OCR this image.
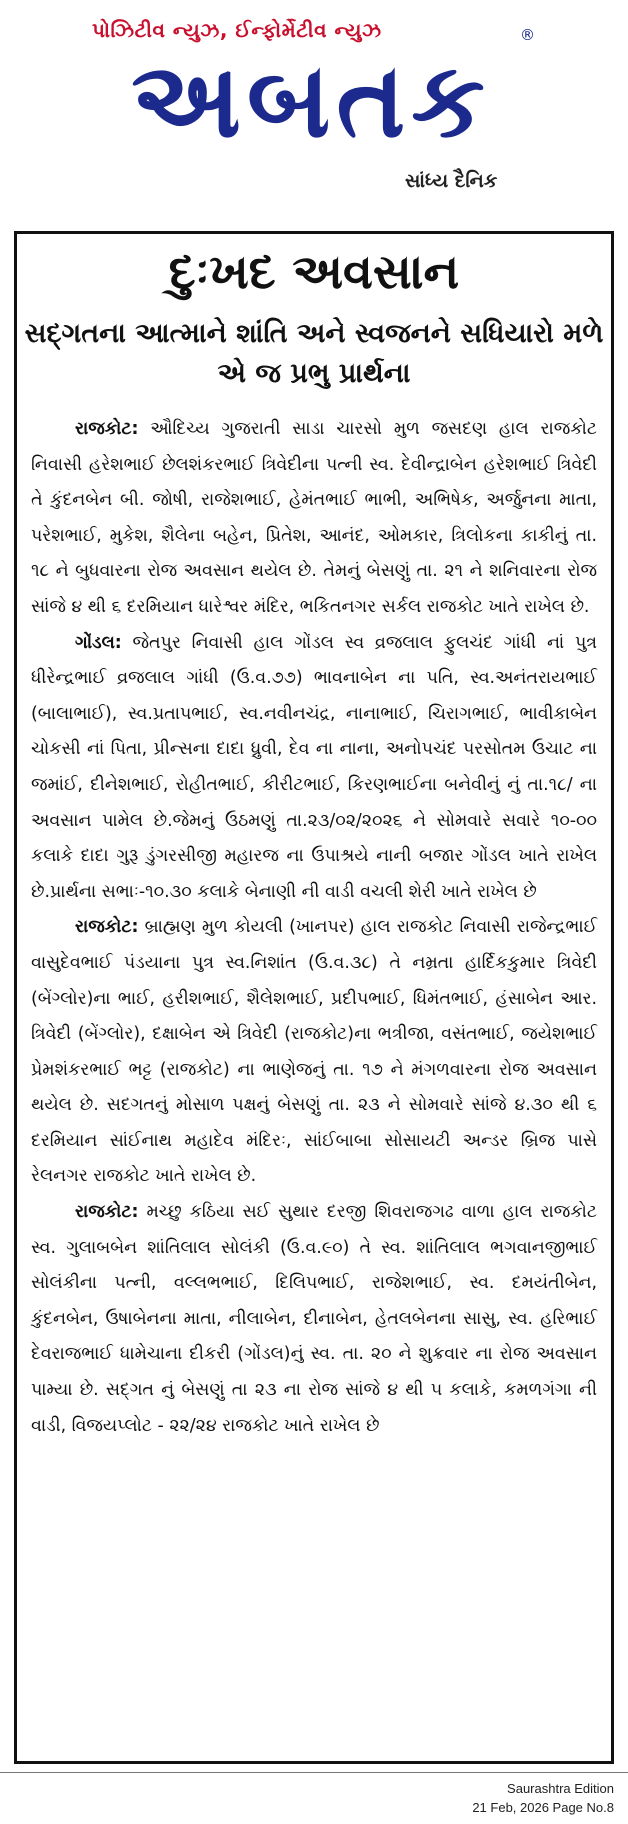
પોઝિટીવ ન્યુઝ, ઈન્ફોર્મેટીવ ન્યુઝ
અબતક
®
સાંધ્ય દૈનિક
દુઃખદ અવસાન
સદ્ગતના આત્માને શાંતિ અને સ્વજનને સધિયારો મળે એ જ પ્રભુ પ્રાર્થના

રાજકોટ: ઔદિચ્ય ગુજરાતી સાડા ચારસો મુળ જસદણ હાલ રાજકોટ નિવાસી હરેશભાઈ છેલશંકરભાઈ ત્રિવેદીના પત્ની સ્વ. દેવીન્દ્રાબેન હરેશભાઈ ત્રિવેદી તે કુંદનબેન બી. જોષી, રાજેશભાઈ, હેમંતભાઈ ભાભી, અભિષેક, અર્જુનના માતા, પરેશભાઈ, મુકેશ, શૈલેના બહેન, પ્રિતેશ, આનંદ, ઓમકાર, ત્રિલોકના કાકીનું તા. ૧૮ ને બુધવારના રોજ અવસાન થયેલ છે. તેમનું બેસણું તા. ૨૧ ને શનિવારના રોજ સાંજે ૪ થી ૬ દરમિયાન ધારેશ્વર મંદિર, ભકિતનગર સર્કલ રાજકોટ ખાતે રાખેલ છે.

ગોંડલ: જેતપુર નિવાસી હાલ ગોંડલ સ્વ વ્રજલાલ ફુલચંદ ગાંધી નાં પુત્ર ધીરેન્દ્રભાઈ વ્રજલાલ ગાંધી (ઉ.વ.૭૭) ભાવનાબેન ના પતિ, સ્વ.અનંતરાયભાઈ (બાલાભાઈ), સ્વ.પ્રતાપભાઈ, સ્વ.નવીનચંદ્ર, નાનાભાઈ, ચિરાગભાઈ, ભાવીકાબેન ચોકસી નાં પિતા, પ્રીન્સના દાદા ધ્રુવી, દેવ ના નાના, અનોપચંદ પરસોતમ ઉચાટ ના જમાંઈ, દીનેશભાઈ, રોહીતભાઈ, કીરીટભાઈ, કિરણભાઈના બનેવીનું નું તા.૧૮/ ના અવસાન પામેલ છે.જેમનું ઉઠમણું તા.૨૩/૦૨/૨૦૨૬ ને સોમવારે સવારે ૧૦-૦૦ કલાકે દાદા ગુરૂ ડુંગરસીજી મહારજ ના ઉપાશ્રયે નાની બજાર ગોંડલ ખાતે રાખેલ છે.પ્રાર્થના સભાઃ-૧૦.૩૦ કલાકે બેનાણી ની વાડી વચલી શેરી ખાતે રાખેલ છે

રાજકોટ: બ્રાહ્મણ મુળ કોયલી (ખાનપર) હાલ રાજકોટ નિવાસી રાજેન્દ્રભાઈ વાસુદેવભાઈ પંડયાના પુત્ર સ્વ.નિશાંત (ઉ.વ.૩૮) તે નમ્રતા હાર્દિકકુમાર ત્રિવેદી (બેંગ્લોર)ના ભાઈ, હરીશભાઈ, શૈલેશભાઈ, પ્રદીપભાઈ, ધિમંતભાઈ, હંસાબેન આર. ત્રિવેદી (બેંગ્લોર), દક્ષાબેન એ ત્રિવેદી (રાજકોટ)ના ભત્રીજા, વસંતભાઈ, જયેશભાઈ પ્રેમશંકરભાઈ ભટ્ટ (રાજકોટ) ના ભાણેજનું તા. ૧૭ ને મંગળવારના રોજ અવસાન થયેલ છે. સદગતનું મોસાળ પક્ષનું બેસણું તા. ૨૩ ને સોમવારે સાંજે ૪.૩૦ થી ૬ દરમિયાન સાંઈનાથ મહાદેવ મંદિરઃ, સાંઈબાબા સોસાયટી અન્ડર બ્રિજ પાસે રેલનગર રાજકોટ ખાતે રાખેલ છે.

રાજકોટ: મચ્છુ કઠિયા સઈ સુથાર દરજી શિવરાજગઢ વાળા હાલ રાજકોટ સ્વ. ગુલાબબેન શાંતિલાલ સોલંકી (ઉ.વ.૯૦) તે સ્વ. શાંતિલાલ ભગવાનજીભાઈ સોલંકીના પત્ની, વલ્લભભાઈ, દિલિપભાઈ, રાજેશભાઈ, સ્વ. દમયંતીબેન, કુંદનબેન, ઉષાબેનના માતા, નીલાબેન, દીનાબેન, હેતલબેનના સાસુ, સ્વ. હરિભાઈ દેવરાજભાઈ ધામેચાના દીકરી (ગોંડલ)નું સ્વ. તા. ૨૦ ને શુક્રવાર ના રોજ અવસાન પામ્યા છે. સદ્ગત નું બેસણું તા ૨૩ ના રોજ સાંજે ૪ થી ૫ કલાકે, કમળગંગા ની વાડી, વિજયપ્લોટ - ૨૨/૨૪ રાજકોટ ખાતે રાખેલ છે

Saurashtra Edition
21 Feb, 2026 Page No.8
